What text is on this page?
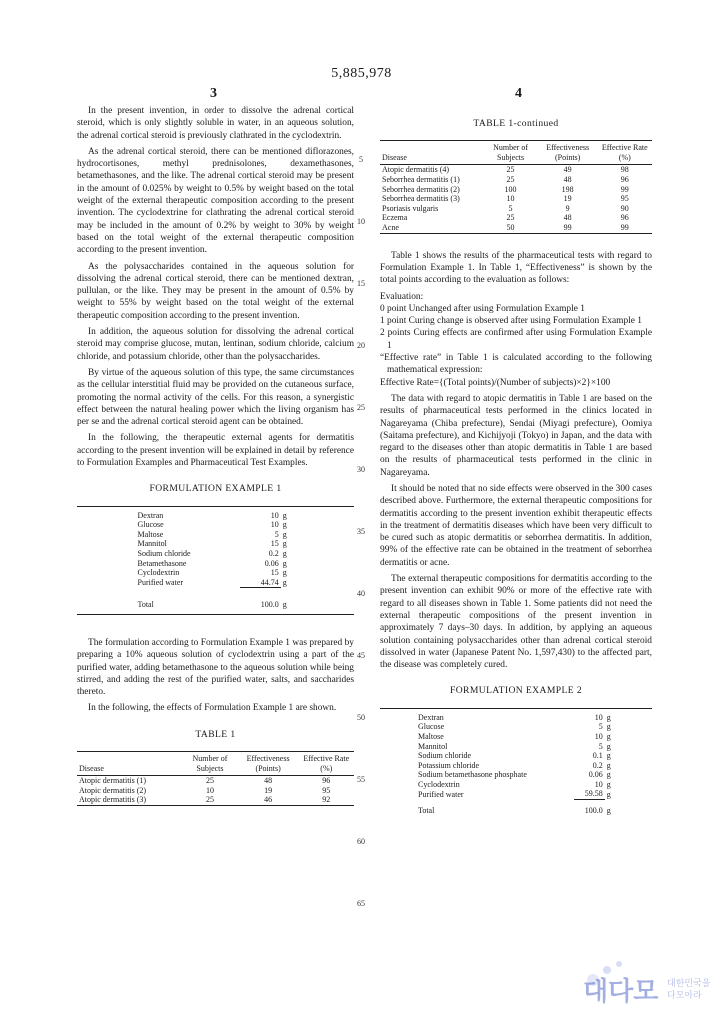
5,885,978
3	4

In the present invention, in order to dissolve the adrenal cortical steroid, which is only slightly soluble in water, in an aqueous solution, the adrenal cortical steroid is previously clathrated in the cyclodextrin.

As the adrenal cortical steroid, there can be mentioned diflorazones, hydrocortisones, methyl prednisolones, dexamethasones, betamethasones, and the like. The adrenal cortical steroid may be present in the amount of 0.025% by weight to 0.5% by weight based on the total weight of the external therapeutic composition according to the present invention. The cyclodextrine for clathrating the adrenal cortical steroid may be included in the amount of 0.2% by weight to 30% by weight based on the total weight of the external therapeutic composition according to the present invention.

As the polysaccharides contained in the aqueous solution for dissolving the adrenal cortical steroid, there can be mentioned dextran, pullulan, or the like. They may be present in the amount of 0.5% by weight to 55% by weight based on the total weight of the external therapeutic composition according to the present invention.

In addition, the aqueous solution for dissolving the adrenal cortical steroid may comprise glucose, mutan, lentinan, sodium chloride, calcium chloride, and potassium chloride, other than the polysaccharides.

By virtue of the aqueous solution of this type, the same circumstances as the cellular interstitial fluid may be provided on the cutaneous surface, promoting the normal activity of the cells. For this reason, a synergistic effect between the natural healing power which the living organism has per se and the adrenal cortical steroid agent can be obtained.

In the following, the therapeutic external agents for dermatitis according to the present invention will be explained in detail by reference to Formulation Examples and Pharmaceutical Test Examples.

FORMULATION EXAMPLE 1
Dextran	10	g
Glucose	10	g
Maltose	5	g
Mannitol	15	g
Sodium chloride	0.2	g
Betamethasone	0.06	g
Cyclodextrin	15	g
Purified water	44.74	g

Total	100.0	g

The formulation according to Formulation Example 1 was prepared by preparing a 10% aqueous solution of cyclodextrin using a part of the purified water, adding betamethasone to the aqueous solution while being stirred, and adding the rest of the purified water, salts, and saccharides thereto.

In the following, the effects of Formulation Example 1 are shown.

TABLE 1
Disease	Number of Subjects	Effectiveness (Points)	Effective Rate (%)
Atopic dermatitis (1)	25	48	96
Atopic dermatitis (2)	10	19	95
Atopic dermatitis (3)	25	46	92
5
10
15
20
25
30
35
40
45
50
55
60
65
TABLE 1-continued
Disease	Number of Subjects	Effectiveness (Points)	Effective Rate (%)
Atopic dermatitis (4)	25	49	98
Seborrhea dermatitis (1)	25	48	96
Seborrhea dermatitis (2)	100	198	99
Seborrhea dermatitis (3)	10	19	95
Psoriasis vulgaris	5	9	90
Eczema	25	48	96
Acne	50	99	99

Table 1 shows the results of the pharmaceutical tests with regard to Formulation Example 1. In Table 1, “Effectiveness” is shown by the total points according to the evaluation as follows:

Evaluation:

0 point Unchanged after using Formulation Example 1

1 point Curing change is observed after using Formulation Example 1

2 points Curing effects are confirmed after using Formulation Example 1

“Effective rate” in Table 1 is calculated according to the following mathematical expression:

Effective Rate={(Total points)/(Number of subjects)×2}×100

The data with regard to atopic dermatitis in Table 1 are based on the results of pharmaceutical tests performed in the clinics located in Nagareyama (Chiba prefecture), Sendai (Miyagi prefecture), Oomiya (Saitama prefecture), and Kichijyoji (Tokyo) in Japan, and the data with regard to the diseases other than atopic dermatitis in Table 1 are based on the results of pharmaceutical tests performed in the clinic in Nagareyama.

It should be noted that no side effects were observed in the 300 cases described above. Furthermore, the external therapeutic compositions for dermatitis according to the present invention exhibit therapeutic effects in the treatment of dermatitis diseases which have been very difficult to be cured such as atopic dermatitis or seborrhea dermatitis. In addition, 99% of the effective rate can be obtained in the treatment of seborrhea dermatitis or acne.

The external therapeutic compositions for dermatitis according to the present invention can exhibit 90% or more of the effective rate with regard to all diseases shown in Table 1. Some patients did not need the external therapeutic compositions of the present invention in approximately 7 days–30 days. In addition, by applying an aqueous solution containing polysaccharides other than adrenal cortical steroid dissolved in water (Japanese Patent No. 1,597,430) to the affected part, the disease was completely cured.

FORMULATION EXAMPLE 2
Dextran	10	g
Glucose	5	g
Maltose	10	g
Mannitol	5	g
Sodium chloride	0.1	g
Potassium chloride	0.2	g
Sodium betamethasone phosphate	0.06	g
Cyclodextrin	10	g
Purified water	59.58	g

Total	100.0	g
대다모 대한민국을
다모아라
